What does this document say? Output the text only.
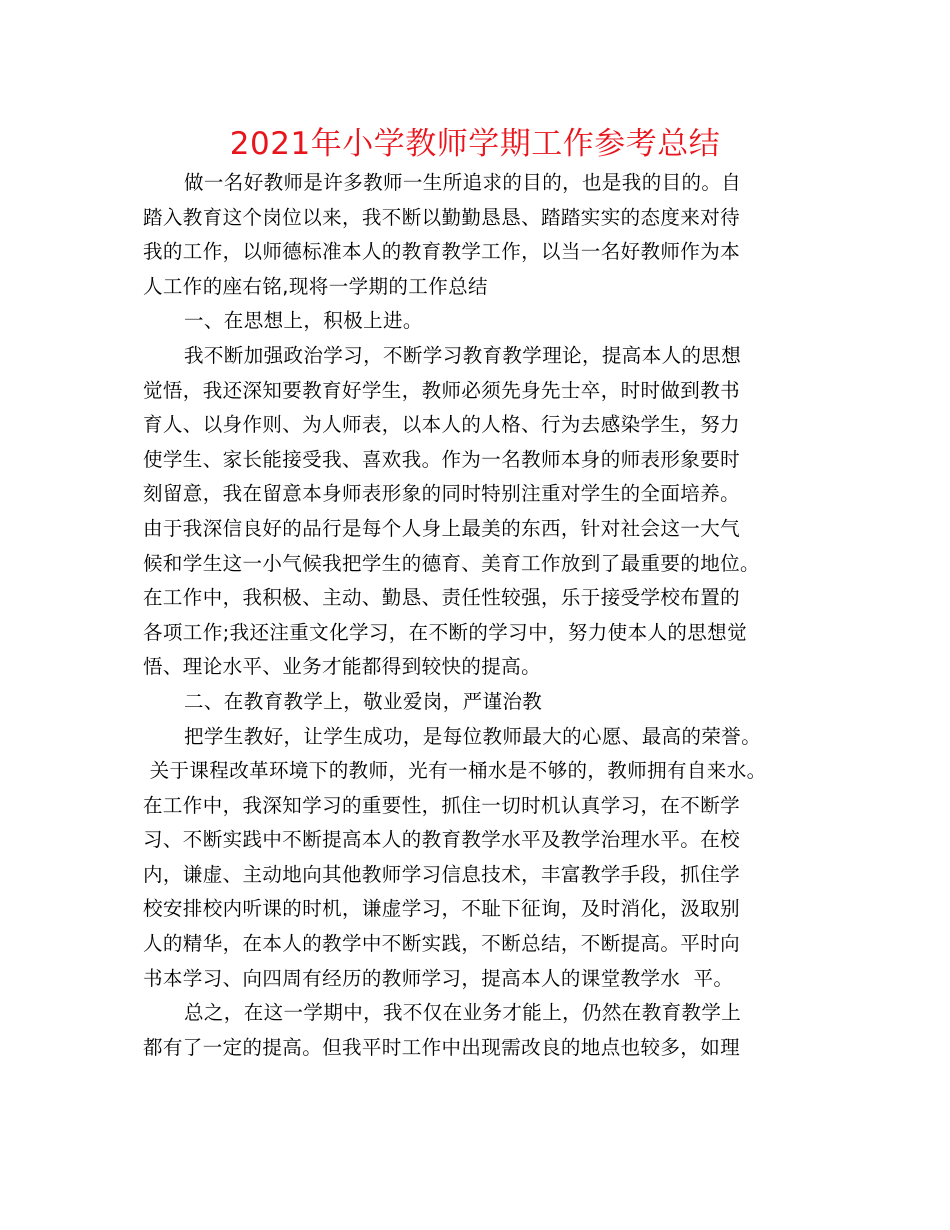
2021年小学教师学期工作参考总结
做一名好教师是许多教师一生所追求的目的，也是我的目的。自
踏入教育这个岗位以来，我不断以勤勤恳恳、踏踏实实的态度来对待
我的工作，以师德标准本人的教育教学工作，以当一名好教师作为本
人工作的座右铭,现将一学期的工作总结
一、在思想上，积极上进。
我不断加强政治学习，不断学习教育教学理论，提高本人的思想
觉悟，我还深知要教育好学生，教师必须先身先士卒，时时做到教书
育人、以身作则、为人师表，以本人的人格、行为去感染学生，努力
使学生、家长能接受我、喜欢我。作为一名教师本身的师表形象要时
刻留意，我在留意本身师表形象的同时特别注重对学生的全面培养。
由于我深信良好的品行是每个人身上最美的东西，针对社会这一大气
候和学生这一小气候我把学生的德育、美育工作放到了最重要的地位。
在工作中，我积极、主动、勤恳、责任性较强，乐于接受学校布置的
各项工作;我还注重文化学习，在不断的学习中，努力使本人的思想觉
悟、理论水平、业务才能都得到较快的提高。
二、在教育教学上，敬业爱岗，严谨治教
把学生教好，让学生成功，是每位教师最大的心愿、最高的荣誉。
关于课程改革环境下的教师，光有一桶水是不够的，教师拥有自来水。
在工作中，我深知学习的重要性，抓住一切时机认真学习，在不断学
习、不断实践中不断提高本人的教育教学水平及教学治理水平。在校
内，谦虚、主动地向其他教师学习信息技术，丰富教学手段，抓住学
校安排校内听课的时机，谦虚学习，不耻下征询，及时消化，汲取别
人的精华，在本人的教学中不断实践，不断总结，不断提高。平时向
书本学习、向四周有经历的教师学习，提高本人的课堂教学水  平。
总之，在这一学期中，我不仅在业务才能上，仍然在教育教学上
都有了一定的提高。但我平时工作中出现需改良的地点也较多，如理
